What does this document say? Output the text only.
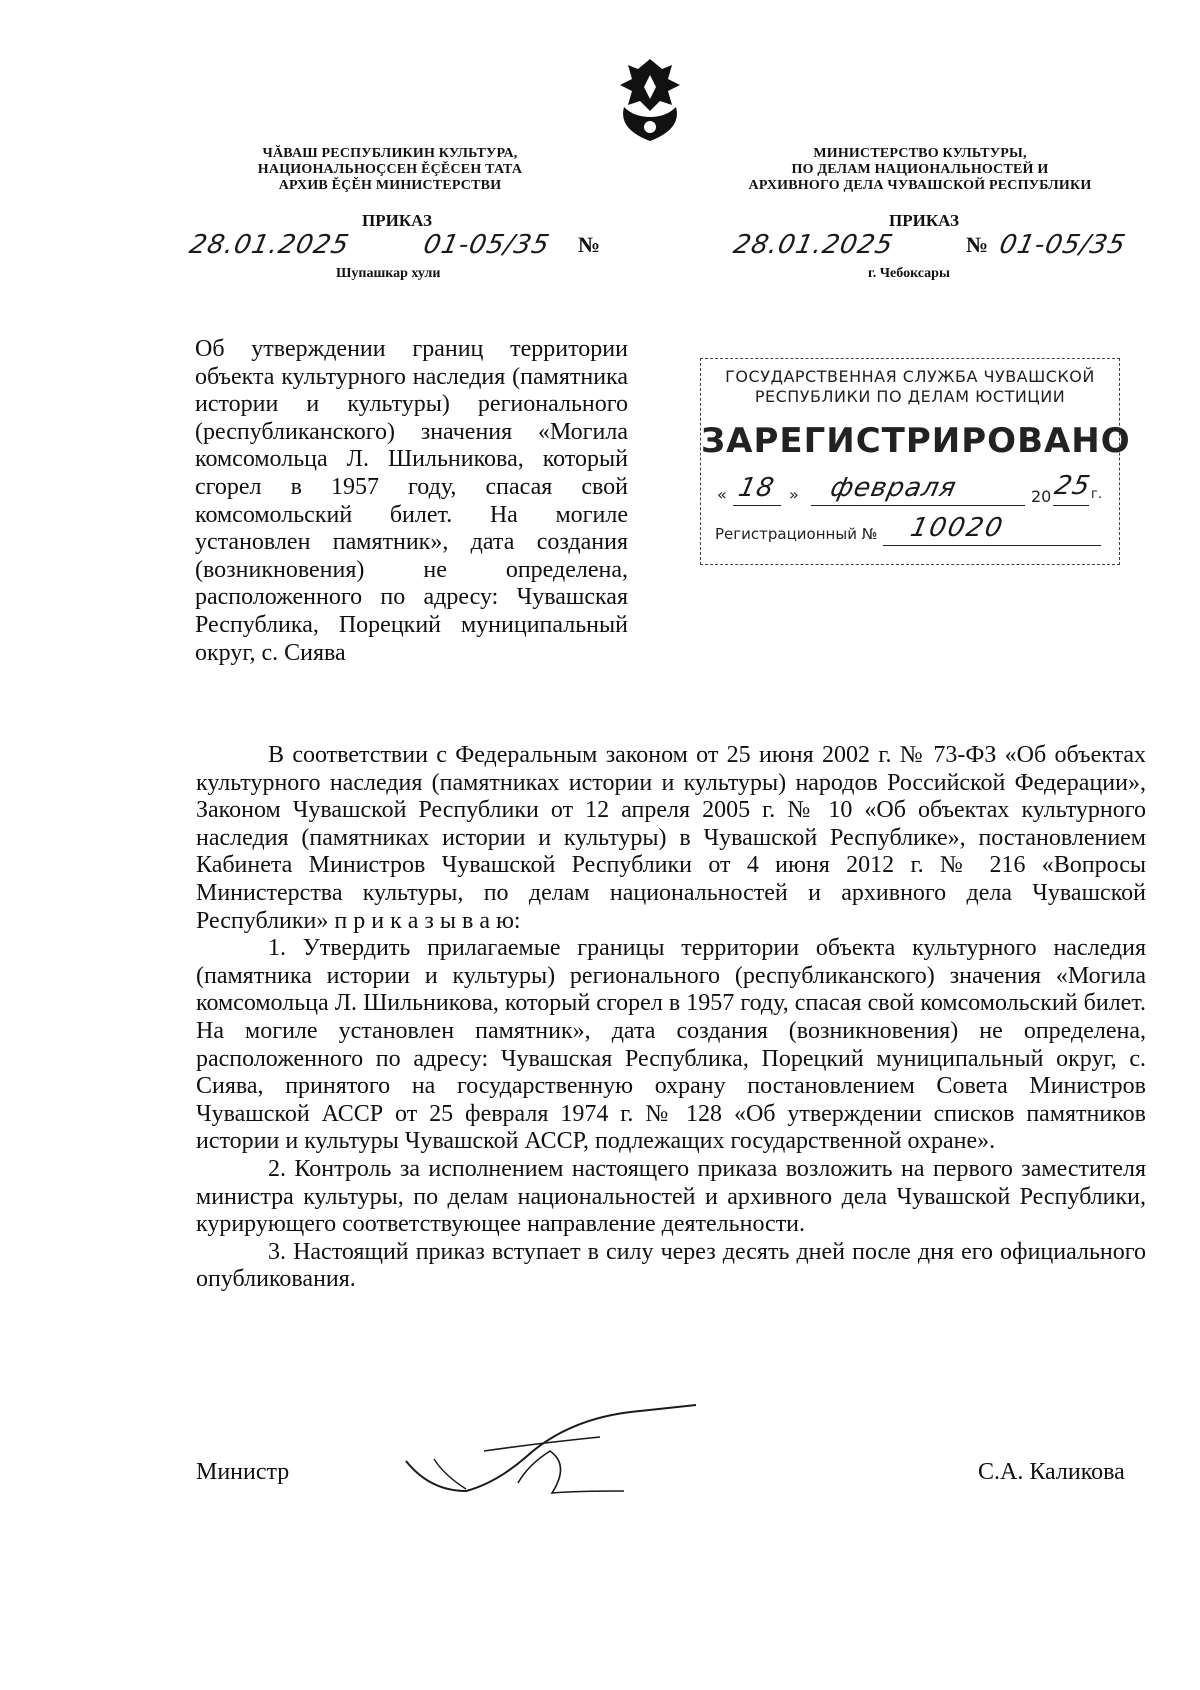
ЧĂВАШ РЕСПУБЛИКИН КУЛЬТУРА,
НАЦИОНАЛЬНОÇСЕН ĚÇĚСЕН ТАТА
АРХИВ ĚÇĚН МИНИСТЕРСТВИ
ПРИКАЗ
28.01.2025	01-05/35 №
Шупашкар хули
МИНИСТЕРСТВО КУЛЬТУРЫ,
ПО ДЕЛАМ НАЦИОНАЛЬНОСТЕЙ И
АРХИВНОГО ДЕЛА ЧУВАШСКОЙ РЕСПУБЛИКИ
ПРИКАЗ
28.01.2025	№ 01-05/35
г. Чебоксары
Об утверждении границ территории объекта культурного наследия (памятника истории и культуры) регионального (республиканского) значения «Могила комсомольца Л. Шильникова, который сгорел в 1957 году, спасая свой комсомольский билет. На могиле установлен памятник», дата создания (возникновения) не определена, расположенного по адресу: Чувашская Республика, Порецкий муниципальный округ, с. Сиява
ГОСУДАРСТВЕННАЯ СЛУЖБА ЧУВАШСКОЙ
РЕСПУБЛИКИ ПО ДЕЛАМ ЮСТИЦИИ
ЗАРЕГИСТРИРОВАНО
« 18 » февраля	20 25
г.
Регистрационный № 10020

В соответствии с Федеральным законом от 25 июня 2002 г. № 73-ФЗ «Об объектах культурного наследия (памятниках истории и культуры) народов Российской Федерации», Законом Чувашской Республики от 12 апреля 2005 г. № 10 «Об объектах культурного наследия (памятниках истории и культуры) в Чувашской Республике», постановлением Кабинета Министров Чувашской Республики от 4 июня 2012 г. № 216 «Вопросы Министерства культуры, по делам национальностей и архивного дела Чувашской Республики» п р и к а з ы в а ю:

1. Утвердить прилагаемые границы территории объекта культурного наследия (памятника истории и культуры) регионального (республиканского) значения «Могила комсомольца Л. Шильникова, который сгорел в 1957 году, спасая свой комсомольский билет. На могиле установлен памятник», дата создания (возникновения) не определена, расположенного по адресу: Чувашская Республика, Порецкий муниципальный округ, с. Сиява, принятого на государственную охрану постановлением Совета Министров Чувашской АССР от 25 февраля 1974 г. № 128 «Об утверждении списков памятников истории и культуры Чувашской АССР, подлежащих государственной охране».

2. Контроль за исполнением настоящего приказа возложить на первого заместителя министра культуры, по делам национальностей и архивного дела Чувашской Республики, курирующего соответствующее направление деятельности.

3. Настоящий приказ вступает в силу через десять дней после дня его официального опубликования.

Министр	С.А. Каликова
